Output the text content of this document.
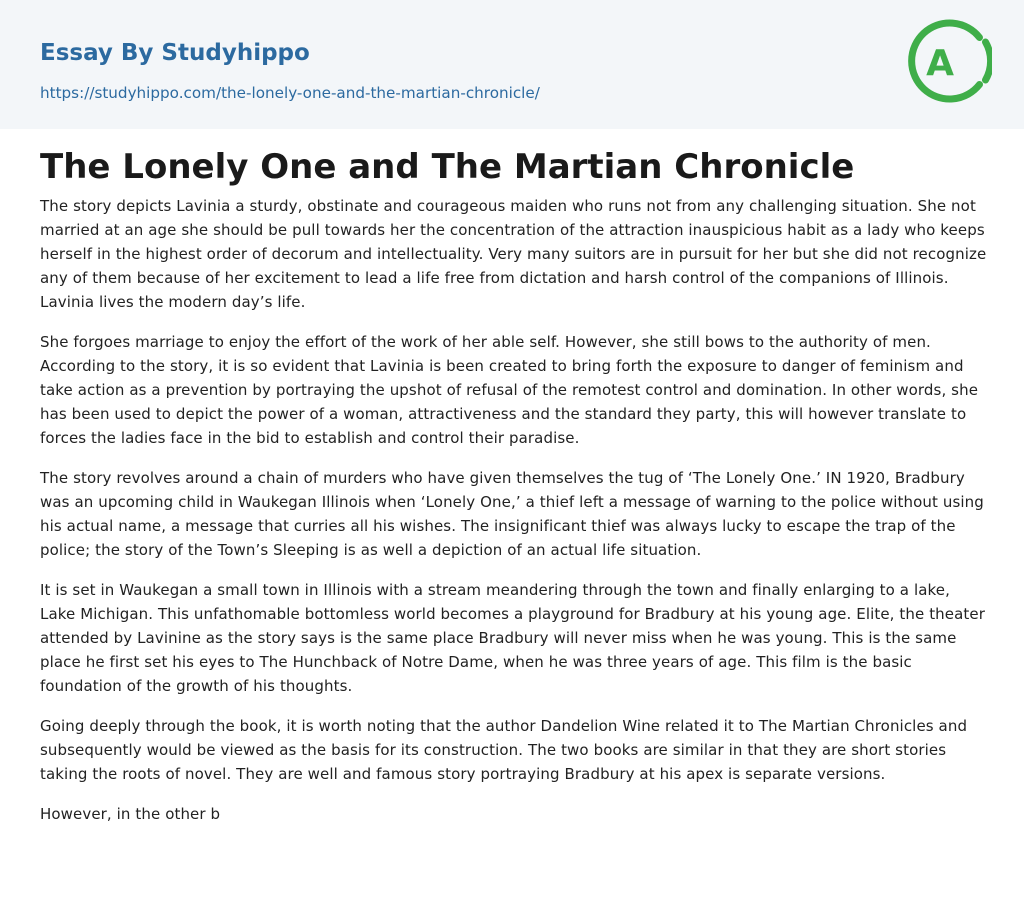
Essay By Studyhippo
https://studyhippo.com/the-lonely-one-and-the-martian-chronicle/
A
The Lonely One and The Martian Chronicle

The story depicts Lavinia a sturdy, obstinate and courageous maiden who runs not from any challenging situation. She not married at an age she should be pull towards her the concentration of the attraction inauspicious habit as a lady who keeps herself in the highest order of decorum and intellectuality. Very many suitors are in pursuit for her but she did not recognize any of them because of her excitement to lead a life free from dictation and harsh control of the companions of Illinois. Lavinia lives the modern day’s life.

She forgoes marriage to enjoy the effort of the work of her able self. However, she still bows to the authority of men. According to the story, it is so evident that Lavinia is been created to bring forth the exposure to danger of feminism and take action as a prevention by portraying the upshot of refusal of the remotest control and domination. In other words, she has been used to depict the power of a woman, attractiveness and the standard they party, this will however translate to forces the ladies face in the bid to establish and control their paradise.

The story revolves around a chain of murders who have given themselves the tug of ‘The Lonely One.’ IN 1920, Bradbury was an upcoming child in Waukegan Illinois when ‘Lonely One,’ a thief left a message of warning to the police without using his actual name, a message that curries all his wishes. The insignificant thief was always lucky to escape the trap of the police; the story of the Town’s Sleeping is as well a depiction of an actual life situation.

It is set in Waukegan a small town in Illinois with a stream meandering through the town and finally enlarging to a lake, Lake Michigan. This unfathomable bottomless world becomes a playground for Bradbury at his young age. Elite, the theater attended by Lavinine as the story says is the same place Bradbury will never miss when he was young. This is the same place he first set his eyes to The Hunchback of Notre Dame, when he was three years of age. This film is the basic foundation of the growth of his thoughts.

Going deeply through the book, it is worth noting that the author Dandelion Wine related it to The Martian Chronicles and subsequently would be viewed as the basis for its construction. The two books are similar in that they are short stories taking the roots of novel. They are well and famous story portraying Bradbury at his apex is separate versions.

However, in the other b
